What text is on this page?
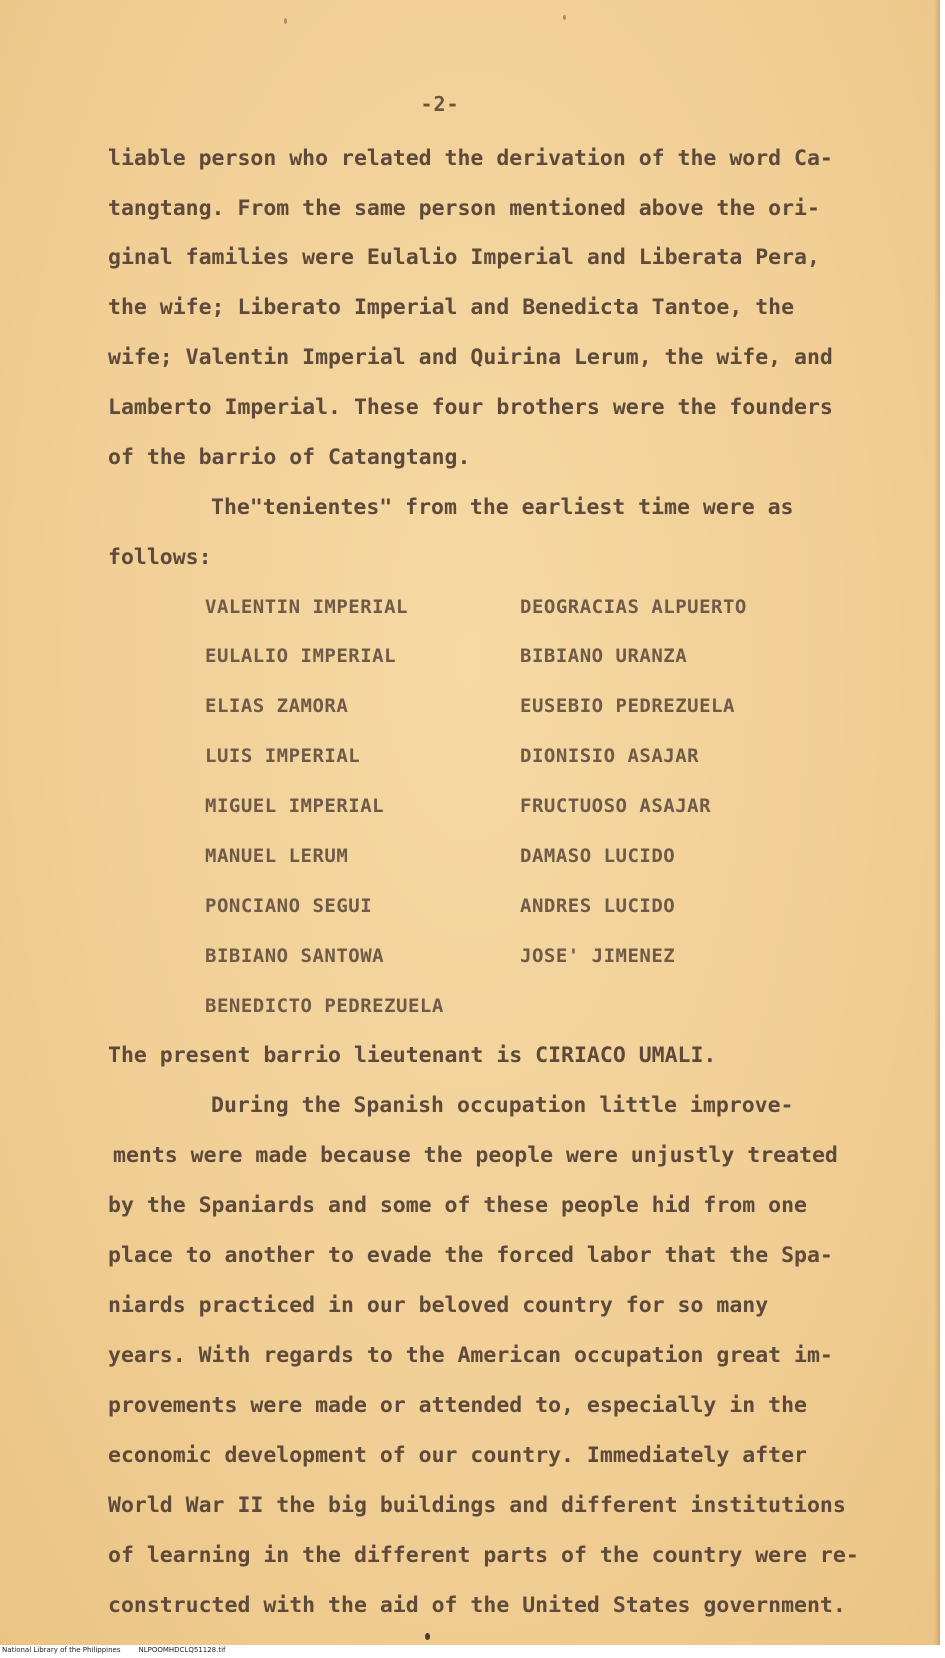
-2-
liable person who related the derivation of the word Ca-
tangtang. From the same person mentioned above the ori-
ginal families were Eulalio Imperial and Liberata Pera,
the wife; Liberato Imperial and Benedicta Tantoe, the
wife; Valentin Imperial and Quirina Lerum, the wife, and
Lamberto Imperial. These four brothers were the founders
of the barrio of Catangtang.
The"tenientes" from the earliest time were as
follows:
VALENTIN IMPERIAL
EULALIO IMPERIAL
ELIAS ZAMORA
LUIS IMPERIAL
MIGUEL IMPERIAL
MANUEL LERUM
PONCIANO SEGUI
BIBIANO SANTOWA
BENEDICTO PEDREZUELA
DEOGRACIAS ALPUERTO
BIBIANO URANZA
EUSEBIO PEDREZUELA
DIONISIO ASAJAR
FRUCTUOSO ASAJAR
DAMASO LUCIDO
ANDRES LUCIDO
JOSE' JIMENEZ
The present barrio lieutenant is CIRIACO UMALI.
During the Spanish occupation little improve-
ments were made because the people were unjustly treated
by the Spaniards and some of these people hid from one
place to another to evade the forced labor that the Spa-
niards practiced in our beloved country for so many
years. With regards to the American occupation great im-
provements were made or attended to, especially in the
economic development of our country. Immediately after
World War II the big buildings and different institutions
of learning in the different parts of the country were re-
constructed with the aid of the United States government.
National Library of the Philippines	NLPOOMHDCLQ51128.tif
